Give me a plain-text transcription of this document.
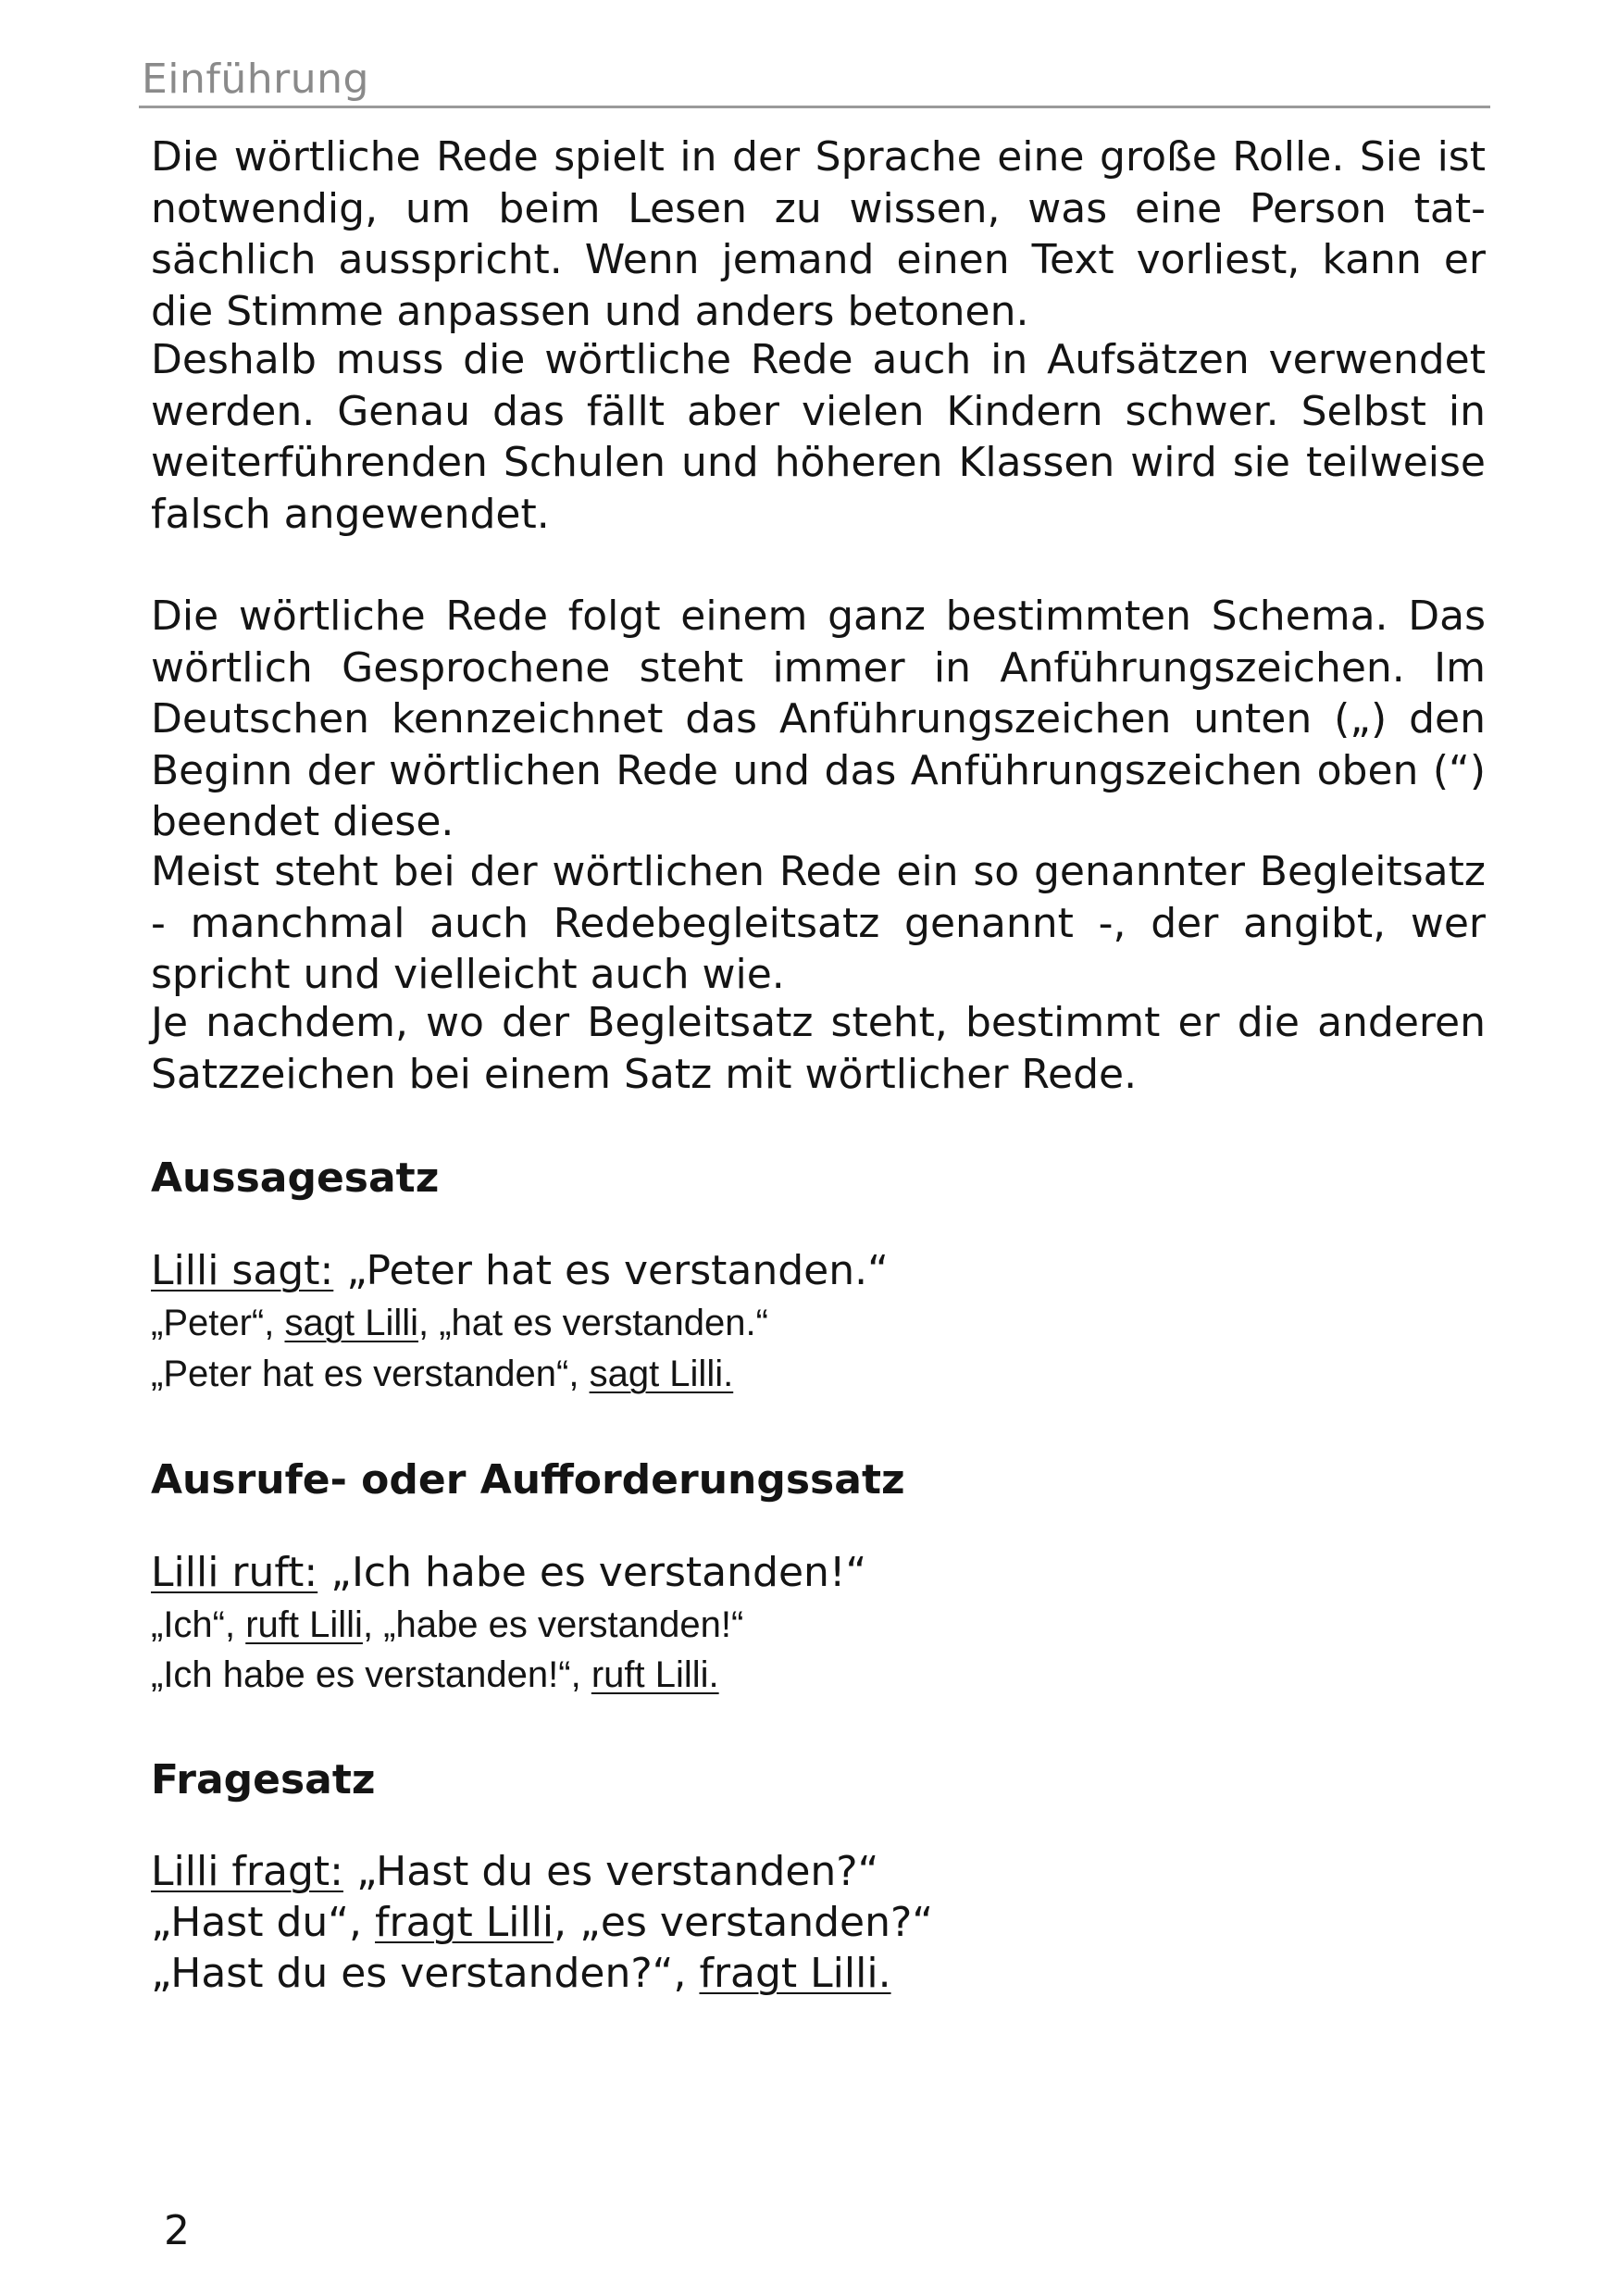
Einführung

Die wörtliche Rede spielt in der Sprache eine große Rolle. Sie ist notwendig, um beim Lesen zu wissen, was eine Person tatsächlich ausspricht. Wenn jemand einen Text vorliest, kann er die Stimme anpassen und anders betonen.

Deshalb muss die wörtliche Rede auch in Aufsätzen verwendet werden. Genau das fällt aber vielen Kindern schwer. Selbst in weiterführenden Schulen und höheren Klassen wird sie teilweise falsch angewendet.

Die wörtliche Rede folgt einem ganz bestimmten Schema. Das wörtlich Gesprochene steht immer in Anführungszeichen. Im Deutschen kennzeichnet das Anführungszeichen unten („) den Beginn der wörtlichen Rede und das Anführungszeichen oben (“) beendet diese.

Meist steht bei der wörtlichen Rede ein so genannter Begleitsatz - manchmal auch Redebegleitsatz genannt -, der angibt, wer spricht und vielleicht auch wie.

Je nachdem, wo der Begleitsatz steht, bestimmt er die anderen Satzzeichen bei einem Satz mit wörtlicher Rede.

Aussagesatz

Lilli sagt: „Peter hat es verstanden.“

„Peter“, sagt Lilli, „hat es verstanden.“

„Peter hat es verstanden“, sagt Lilli.

Ausrufe- oder Aufforderungssatz

Lilli ruft: „Ich habe es verstanden!“

„Ich“, ruft Lilli, „habe es verstanden!“

„Ich habe es verstanden!“, ruft Lilli.

Fragesatz

Lilli fragt: „Hast du es verstanden?“

„Hast du“, fragt Lilli, „es verstanden?“

„Hast du es verstanden?“, fragt Lilli.

2
